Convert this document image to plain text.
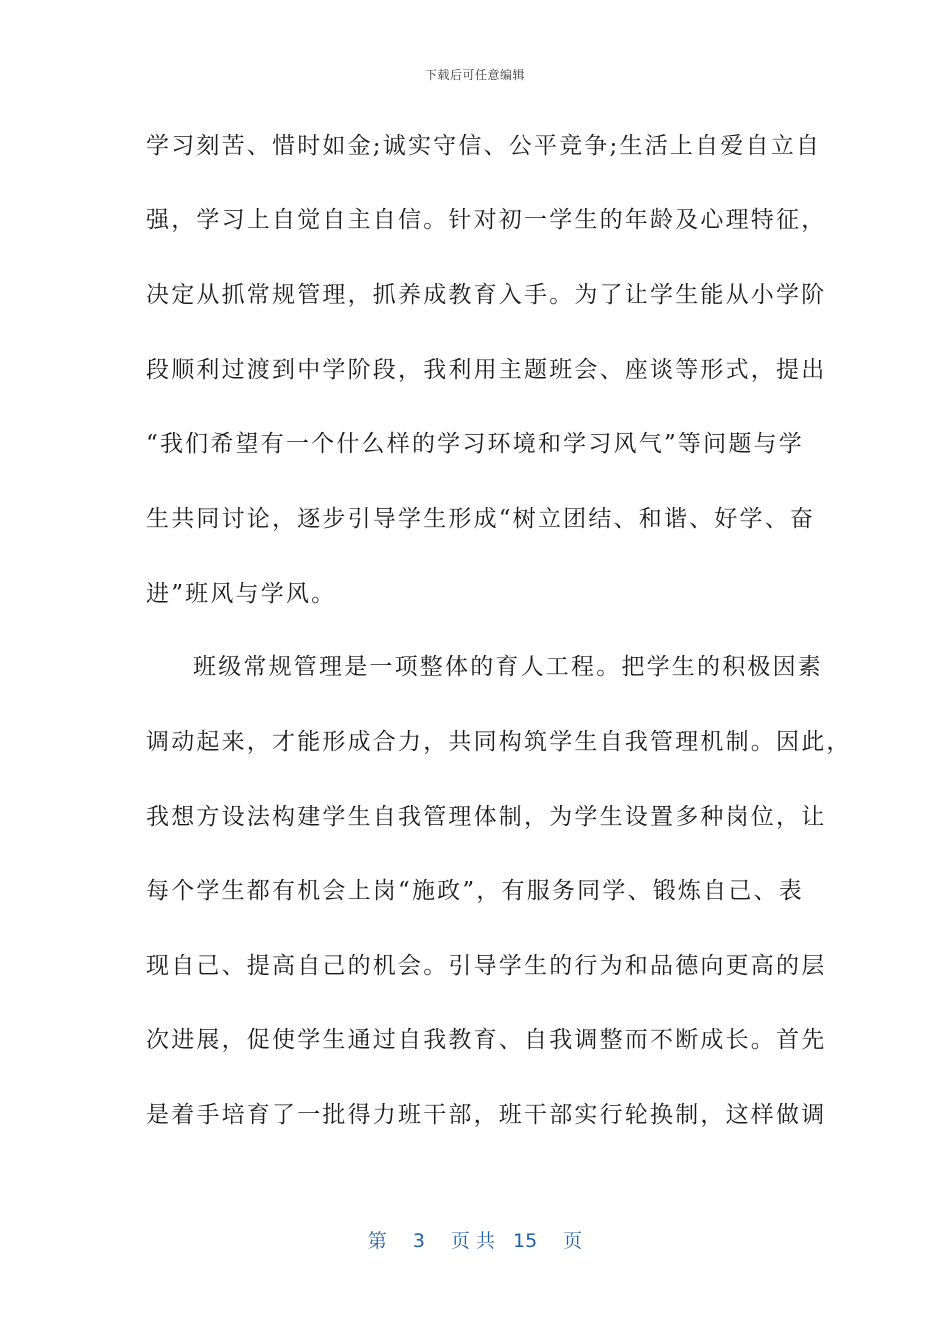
下载后可任意编辑
学习刻苦、惜时如金;诚实守信、公平竞争;生活上自爱自立自
强，学习上自觉自主自信。针对初一学生的年龄及心理特征，
决定从抓常规管理，抓养成教育入手。为了让学生能从小学阶
段顺利过渡到中学阶段，我利用主题班会、座谈等形式，提出
“我们希望有一个什么样的学习环境和学习风气”等问题与学
生共同讨论，逐步引导学生形成“树立团结、和谐、好学、奋
进”班风与学风。
班级常规管理是一项整体的育人工程。把学生的积极因素
调动起来，才能形成合力，共同构筑学生自我管理机制。因此，
我想方设法构建学生自我管理体制，为学生设置多种岗位，让
每个学生都有机会上岗“施政”，有服务同学、锻炼自己、表
现自己、提高自己的机会。引导学生的行为和品德向更高的层
次进展，促使学生通过自我教育、自我调整而不断成长。首先
是着手培育了一批得力班干部，班干部实行轮换制，这样做调
第 3 页 共 15 页
